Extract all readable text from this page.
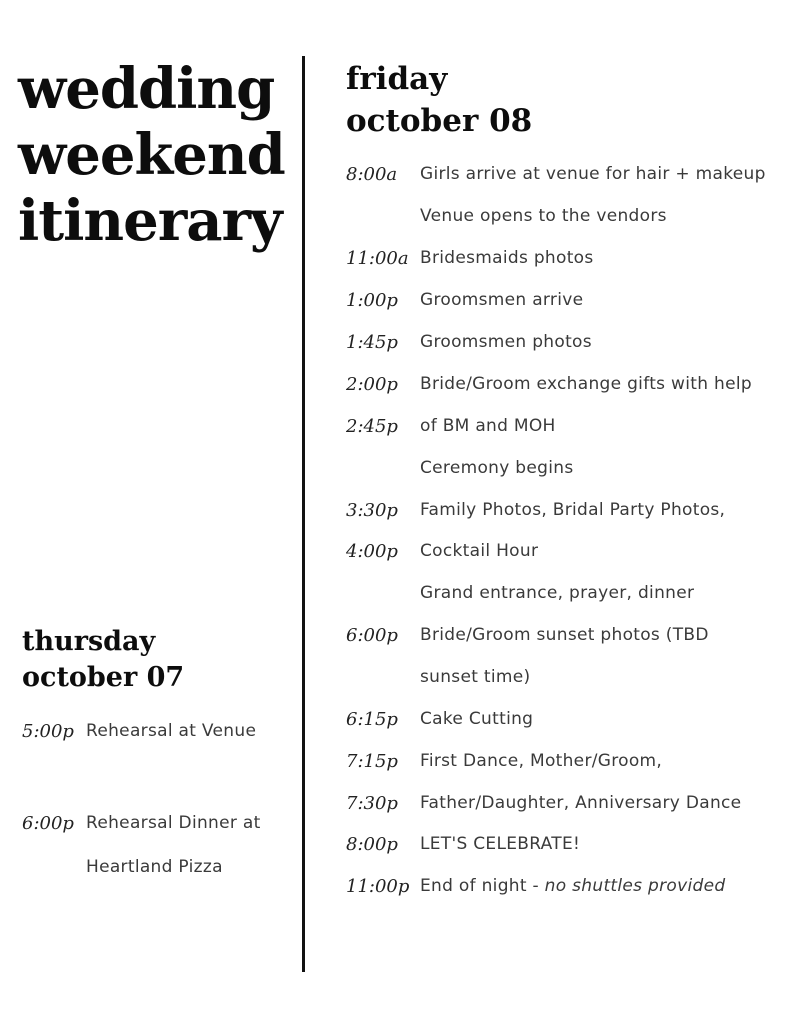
wedding
weekend
itinerary
friday
october 08
8:00a Girls arrive at venue for hair + makeup
Venue opens to the vendors
11:00a Bridesmaids photos
1:00p Groomsmen arrive
1:45p Groomsmen photos
2:00p Bride/Groom exchange gifts with help
2:45p of BM and MOH
Ceremony begins
3:30p Family Photos, Bridal Party Photos,
4:00p Cocktail Hour
Grand entrance, prayer, dinner
6:00p Bride/Groom sunset photos (TBD
sunset time)
6:15p Cake Cutting
7:15p First Dance, Mother/Groom,
7:30p Father/Daughter, Anniversary Dance
8:00p LET'S CELEBRATE!
11:00p End of night - no shuttles provided
thursday
october 07
5:00p Rehearsal at Venue
6:00p Rehearsal Dinner at
Heartland Pizza
